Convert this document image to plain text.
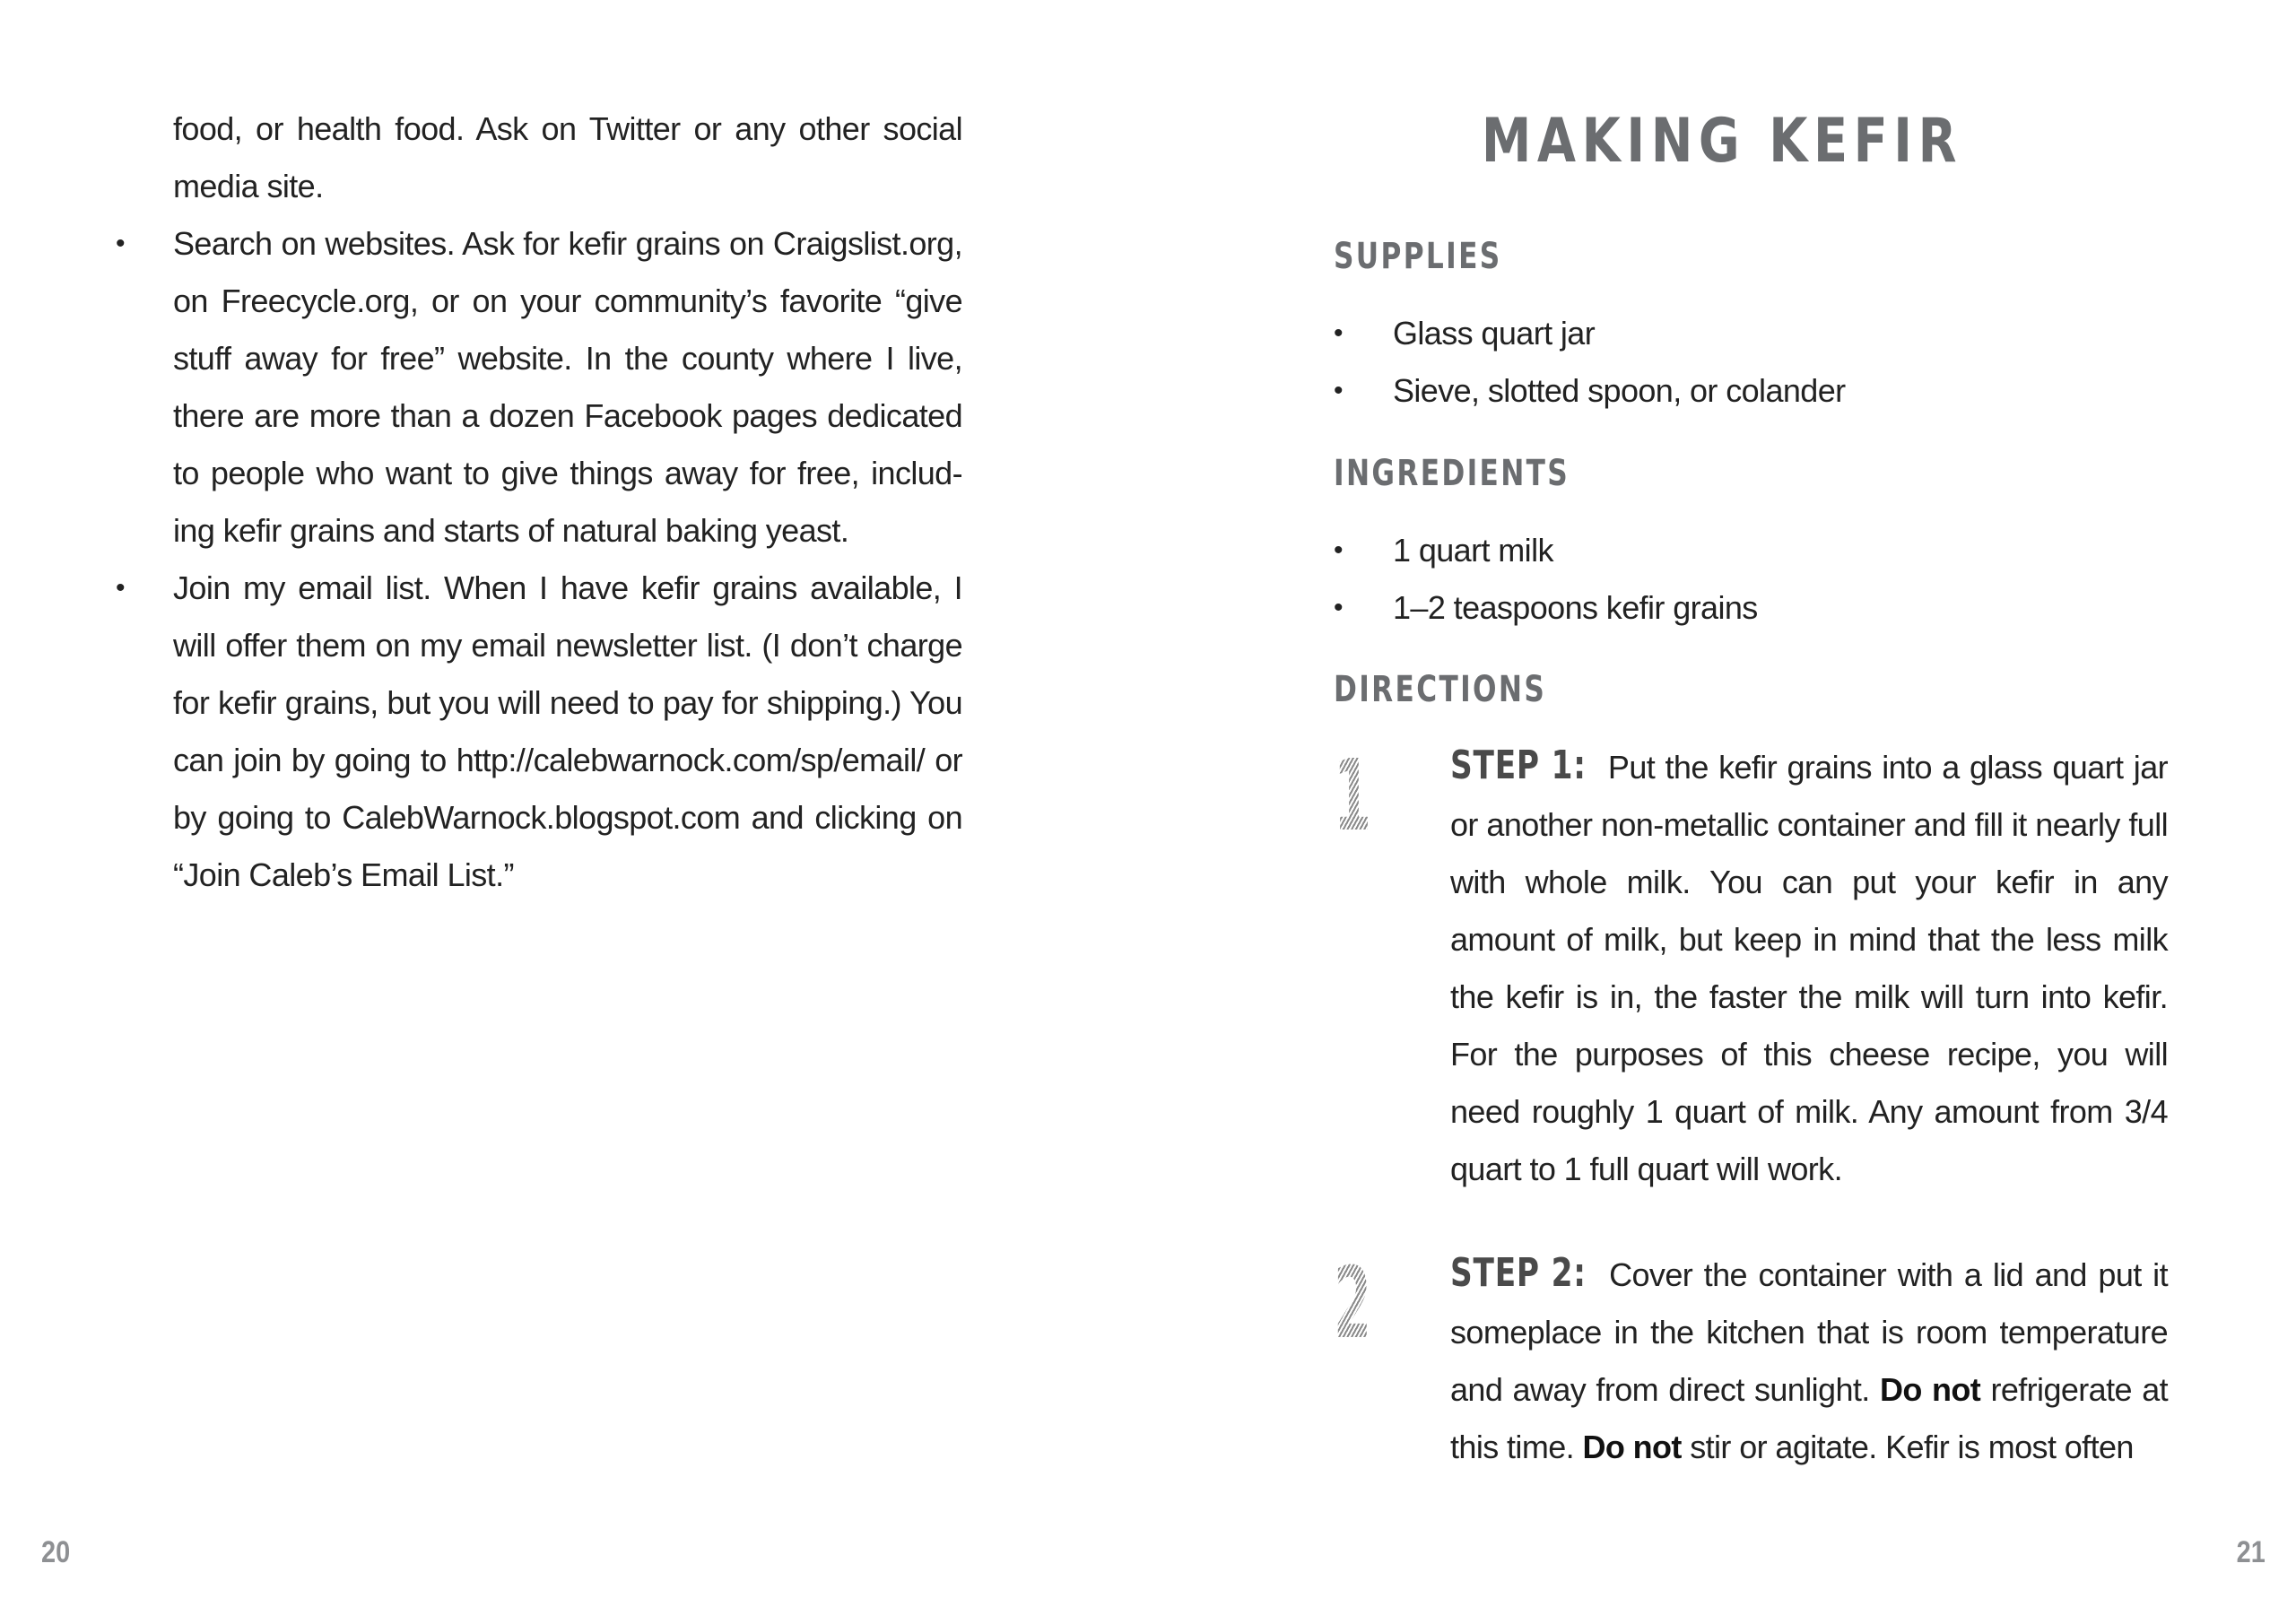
food, or health food. Ask on Twitter or any other social media site.

• Search on websites. Ask for kefir grains on Craigslist.org, on Freecycle.org, or on your community’s favorite “give stuff away for free” website. In the county where I live, there are more than a dozen Facebook pages dedicated to people who want to give things away for free, includ-ing kefir grains and starts of natural baking yeast.
• Join my email list. When I have kefir grains available, I will offer them on my email newsletter list. (I don’t charge for kefir grains, but you will need to pay for shipping.) You can join by going to http://calebwarnock.com/sp/email/ or by going to CalebWarnock.blogspot.com and clicking on “Join Caleb’s Email List.”
20
MAKING KEFIR
SUPPLIES
• Glass quart jar
• Sieve, slotted spoon, or colander
INGREDIENTS
• 1 quart milk
• 1–2 teaspoons kefir grains
DIRECTIONS
1 STEP 1: Put the kefir grains into a glass quart jar or another non-metallic container and fill it nearly full with whole milk. You can put your kefir in any amount of milk, but keep in mind that the less milk the kefir is in, the faster the milk will turn into kefir. For the purposes of this cheese recipe, you will need roughly 1 quart of milk. Any amount from 3/4 quart to 1 full quart will work.
2 STEP 2: Cover the container with a lid and put it someplace in the kitchen that is room temperature and away from direct sunlight. Do not refrigerate at this time. Do not stir or agitate. Kefir is most often
21
